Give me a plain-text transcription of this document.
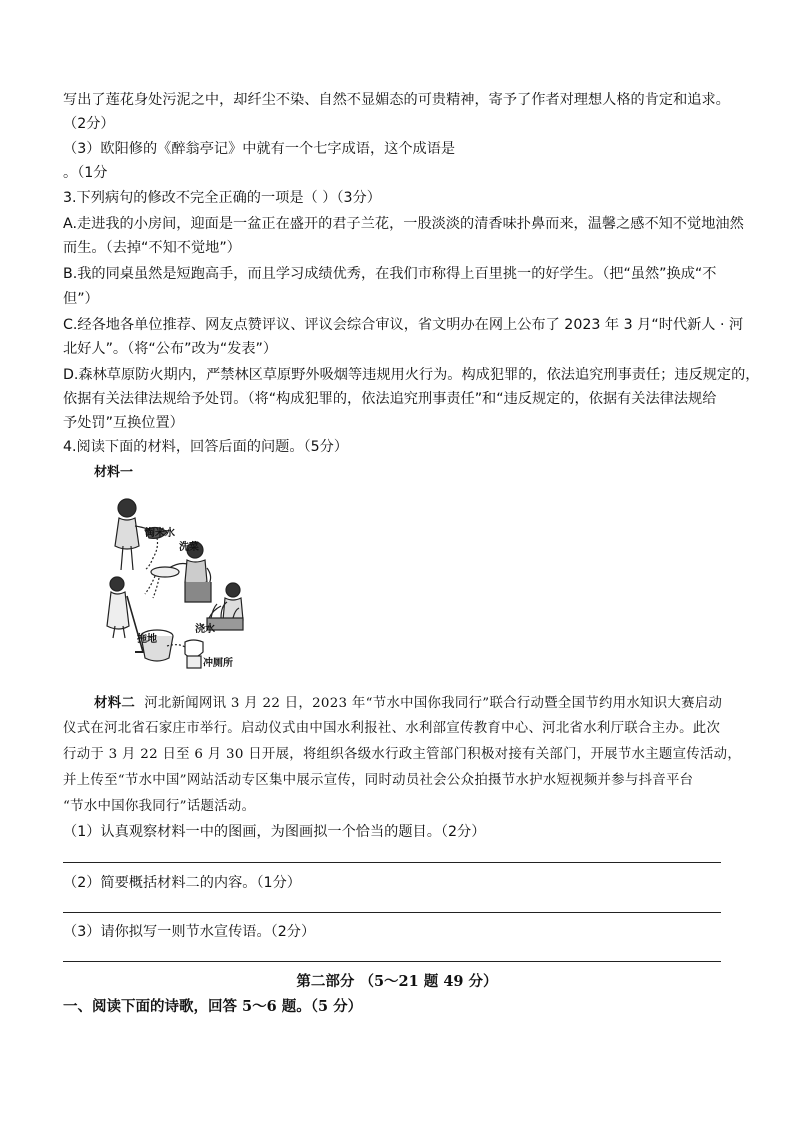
写出了莲花身处污泥之中，却纤尘不染、自然不显媚态的可贵精神，寄予了作者对理想人格的肯定和追求。
（2分）
（3）欧阳修的《醉翁亭记》中就有一个七字成语，这个成语是
。（1分
3.下列病句的修改不完全正确的一项是（ ）（3分）
A.走进我的小房间，迎面是一盆正在盛开的君子兰花，一股淡淡的清香味扑鼻而来，温馨之感不知不觉地油然
而生。（去掉“不知不觉地”）
B.我的同桌虽然是短跑高手，而且学习成绩优秀，在我们市称得上百里挑一的好学生。（把“虽然”换成“不
但”）
C.经各地各单位推荐、网友点赞评议、评议会综合审议，省文明办在网上公布了 2023 年 3 月“时代新人 · 河
北好人”。（将“公布”改为“发表”）
D.森林草原防火期内，严禁林区草原野外吸烟等违规用火行为。构成犯罪的，依法追究刑事责任；违反规定的，
依据有关法律法规给予处罚。（将“构成犯罪的，依法追究刑事责任”和“违反规定的，依据有关法律法规给
予处罚”互换位置）
4.阅读下面的材料，回答后面的问题。（5分）
材料一
淘米水
洗菜
拖地
浇水
冲厕所
材料二 河北新闻网讯 3 月 22 日，2023 年“节水中国你我同行”联合行动暨全国节约用水知识大赛启动
仪式在河北省石家庄市举行。启动仪式由中国水利报社、水利部宣传教育中心、河北省水利厅联合主办。此次
行动于 3 月 22 日至 6 月 30 日开展，将组织各级水行政主管部门积极对接有关部门，开展节水主题宣传活动，
并上传至“节水中国”网站活动专区集中展示宣传，同时动员社会公众拍摄节水护水短视频并参与抖音平台
“节水中国你我同行”话题活动。
（1）认真观察材料一中的图画，为图画拟一个恰当的题目。（2分）
（2）简要概括材料二的内容。（1分）
（3）请你拟写一则节水宣传语。（2分）
第二部分 （5～21 题 49 分）
一、阅读下面的诗歌，回答 5～6 题。（5 分）
